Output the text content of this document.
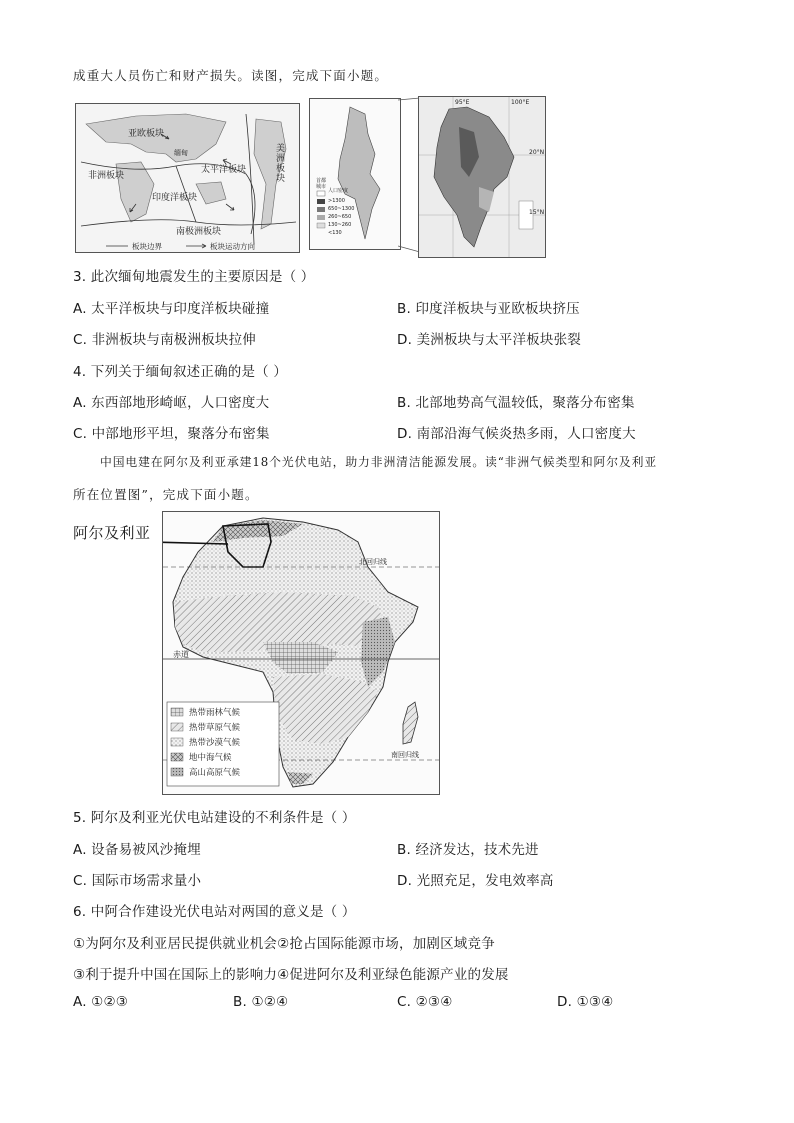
成重大人员伤亡和财产损失。读图，完成下面小题。
亚欧板块
太平洋板块
美洲板块
非洲板块
印度洋板块
南极洲板块
缅甸
板块边界	板块运动方向
首都
城市
人口密度
>1300
650~1300
260~650
130~260
<130
95°E	100°E
20°N
15°N
3. 此次缅甸地震发生的主要原因是（ ）
A. 太平洋板块与印度洋板块碰撞	B. 印度洋板块与亚欧板块挤压
C. 非洲板块与南极洲板块拉伸	D. 美洲板块与太平洋板块张裂
4. 下列关于缅甸叙述正确的是（ ）
A. 东西部地形崎岖，人口密度大	B. 北部地势高气温较低，聚落分布密集
C. 中部地形平坦，聚落分布密集	D. 南部沿海气候炎热多雨，人口密度大
中国电建在阿尔及利亚承建18个光伏电站，助力非洲清洁能源发展。读“非洲气候类型和阿尔及利亚
所在位置图”，完成下面小题。
阿尔及利亚
热带雨林气候
热带草原气候
热带沙漠气候
地中海气候
高山高原气候
赤道
北回归线
南回归线
5. 阿尔及利亚光伏电站建设的不利条件是（ ）
A. 设备易被风沙掩埋	B. 经济发达，技术先进
C. 国际市场需求量小	D. 光照充足，发电效率高
6. 中阿合作建设光伏电站对两国的意义是（ ）
①为阿尔及利亚居民提供就业机会②抢占国际能源市场，加剧区域竞争
③利于提升中国在国际上的影响力④促进阿尔及利亚绿色能源产业的发展
A. ①②③	B. ①②④	C. ②③④	D. ①③④
